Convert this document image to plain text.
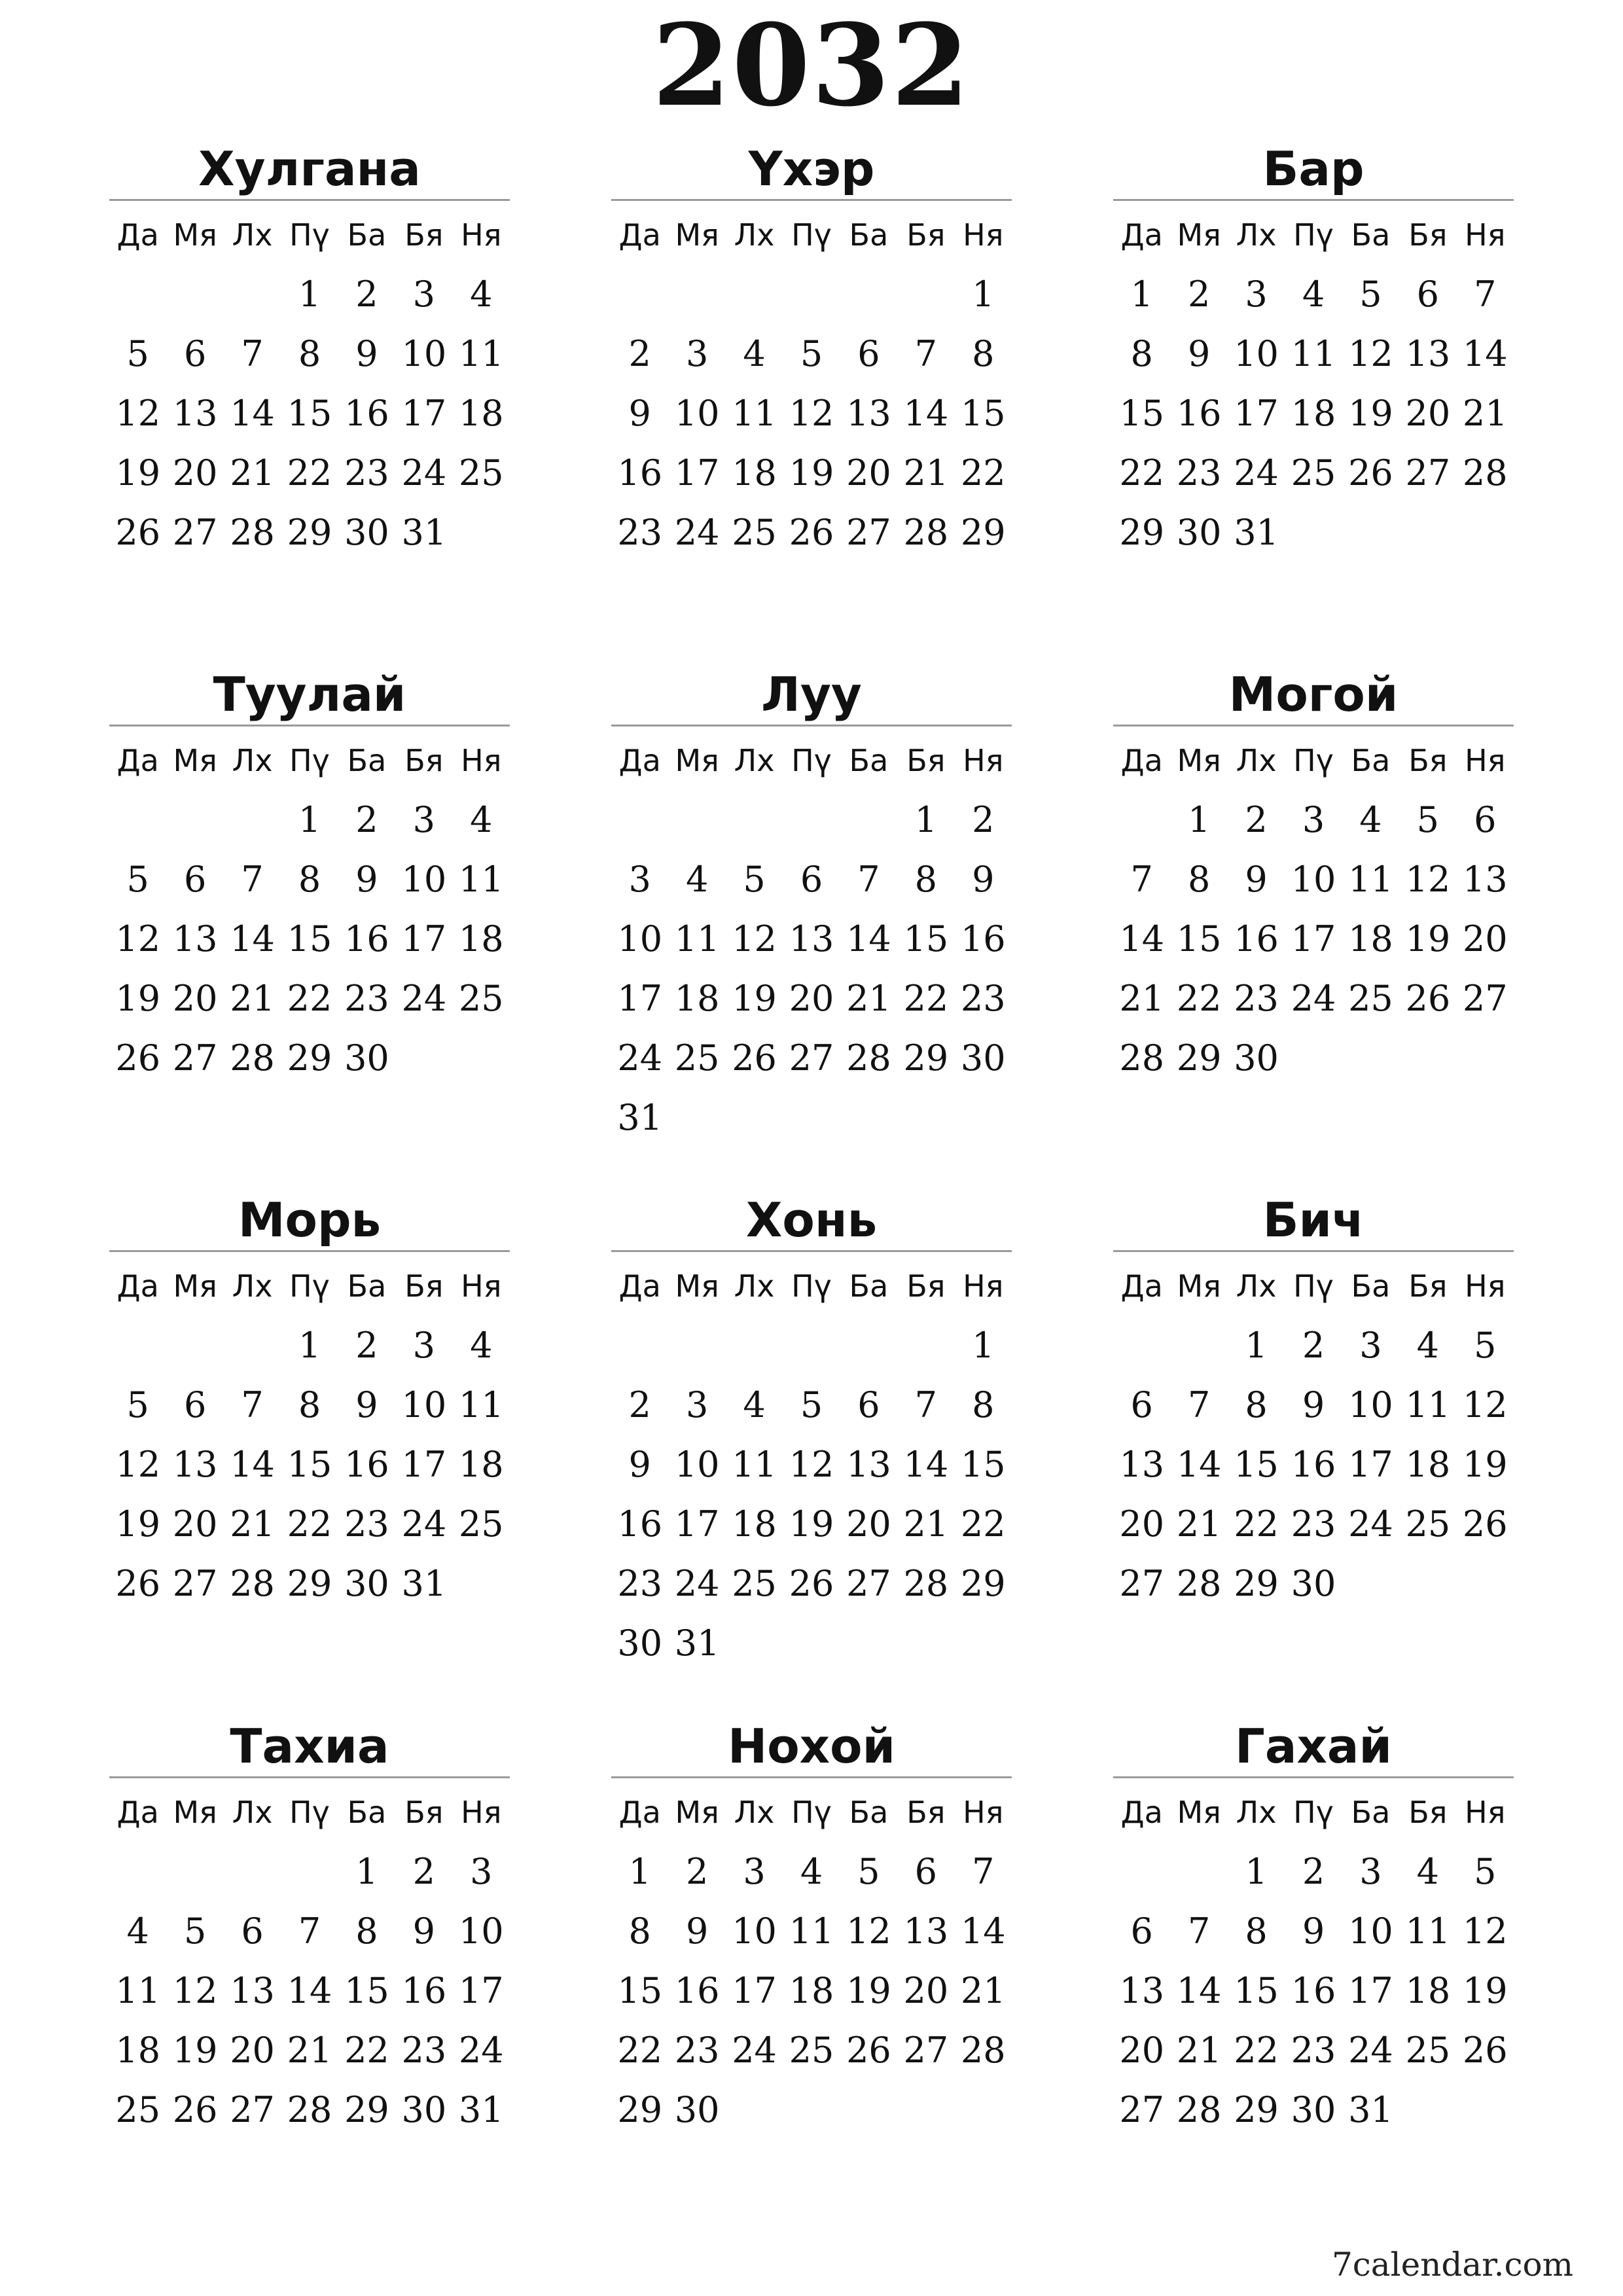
2032
Хулгана
Да Мя Лх Пү Ба Бя Ня
1 2 3 4
5 6 7 8 9 10 11
12 13 14 15 16 17 18
19 20 21 22 23 24 25
26 27 28 29 30 31
Үхэр
Да Мя Лх Пү Ба Бя Ня
1
2 3 4 5 6 7 8
9 10 11 12 13 14 15
16 17 18 19 20 21 22
23 24 25 26 27 28 29
Бар
Да Мя Лх Пү Ба Бя Ня
1 2 3 4 5 6 7
8 9 10 11 12 13 14
15 16 17 18 19 20 21
22 23 24 25 26 27 28
29 30 31
Туулай
Да Мя Лх Пү Ба Бя Ня
1 2 3 4
5 6 7 8 9 10 11
12 13 14 15 16 17 18
19 20 21 22 23 24 25
26 27 28 29 30
Луу
Да Мя Лх Пү Ба Бя Ня
1 2
3 4 5 6 7 8 9
10 11 12 13 14 15 16
17 18 19 20 21 22 23
24 25 26 27 28 29 30
31
Могой
Да Мя Лх Пү Ба Бя Ня
1 2 3 4 5 6
7 8 9 10 11 12 13
14 15 16 17 18 19 20
21 22 23 24 25 26 27
28 29 30
Морь
Да Мя Лх Пү Ба Бя Ня
1 2 3 4
5 6 7 8 9 10 11
12 13 14 15 16 17 18
19 20 21 22 23 24 25
26 27 28 29 30 31
Хонь
Да Мя Лх Пү Ба Бя Ня
1
2 3 4 5 6 7 8
9 10 11 12 13 14 15
16 17 18 19 20 21 22
23 24 25 26 27 28 29
30 31
Бич
Да Мя Лх Пү Ба Бя Ня
1 2 3 4 5
6 7 8 9 10 11 12
13 14 15 16 17 18 19
20 21 22 23 24 25 26
27 28 29 30
Тахиа
Да Мя Лх Пү Ба Бя Ня
1 2 3
4 5 6 7 8 9 10
11 12 13 14 15 16 17
18 19 20 21 22 23 24
25 26 27 28 29 30 31
Нохой
Да Мя Лх Пү Ба Бя Ня
1 2 3 4 5 6 7
8 9 10 11 12 13 14
15 16 17 18 19 20 21
22 23 24 25 26 27 28
29 30
Гахай
Да Мя Лх Пү Ба Бя Ня
1 2 3 4 5
6 7 8 9 10 11 12
13 14 15 16 17 18 19
20 21 22 23 24 25 26
27 28 29 30 31
7calendar.com
